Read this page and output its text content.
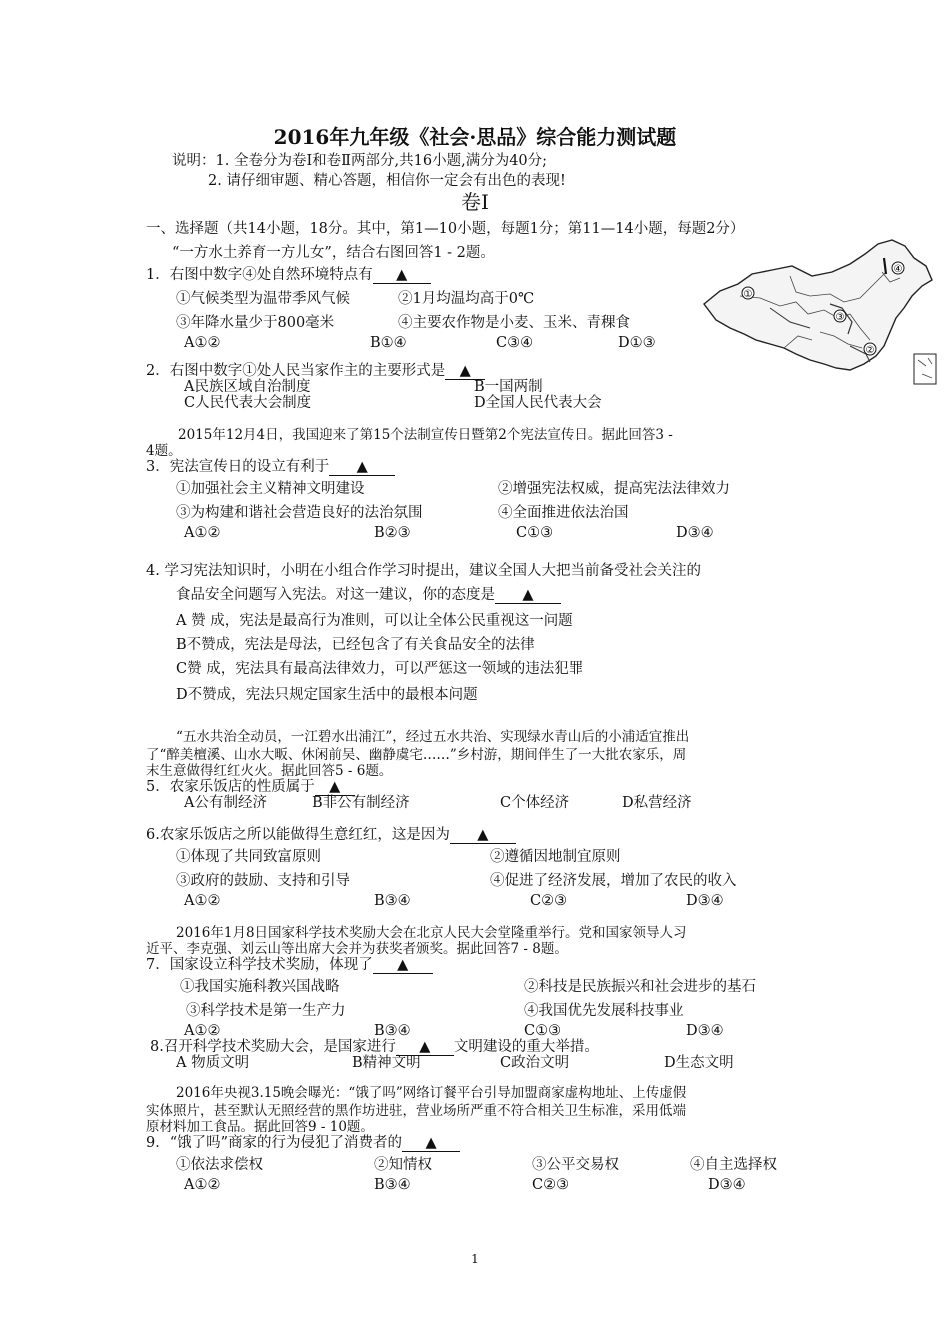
2016年九年级《社会·思品》综合能力测试题
说明：1. 全卷分为卷Ⅰ和卷Ⅱ两部分,共16小题,满分为40分;
2. 请仔细审题、精心答题，相信你一定会有出色的表现!
卷Ⅰ
一、选择题（共14小题，18分。其中，第1—10小题，每题1分；第11—14小题，每题2分）
①
②
③
④
“一方水土养育一方儿女”，结合右图回答1 - 2题。
1．右图中数字④处自然环境特点有 ▲
①气候类型为温带季风气候	②1月均温均高于0℃
③年降水量少于800毫米	④主要农作物是小麦、玉米、青稞食
A①②	B①④	C③④	D①③
2．右图中数字①处人民当家作主的主要形式是 ▲
A民族区域自治制度	B一国两制
C人民代表大会制度	D全国人民代表大会
2015年12月4日，我国迎来了第15个法制宣传日暨第2个宪法宣传日。据此回答3 -
4题。
3．宪法宣传日的设立有利于 ▲
①加强社会主义精神文明建设	②增强宪法权威，提高宪法法律效力
③为构建和谐社会营造良好的法治氛围	④全面推进依法治国
A①②	B②③	C①③	D③④
4. 学习宪法知识时，小明在小组合作学习时提出，建议全国人大把当前备受社会关注的
食品安全问题写入宪法。对这一建议，你的态度是 ▲
A 赞 成，宪法是最高行为准则，可以让全体公民重视这一问题
B不赞成，宪法是母法，已经包含了有关食品安全的法律
C赞 成，宪法具有最高法律效力，可以严惩这一领域的违法犯罪
D不赞成，宪法只规定国家生活中的最根本问题
“五水共治全动员，一江碧水出浦江”，经过五水共治、实现绿水青山后的小浦适宜推出
了“醉美檀溪、山水大畈、休闲前吴、幽静虞宅……”乡村游，期间伴生了一大批农家乐，周
末生意做得红红火火。据此回答5 - 6题。
5．农家乐饭店的性质属于 ▲
A公有制经济	B非公有制经济	C个体经济	D私营经济
6.农家乐饭店之所以能做得生意红红，这是因为 ▲
①体现了共同致富原则	②遵循因地制宜原则
③政府的鼓励、支持和引导	④促进了经济发展，增加了农民的收入
A①②	B③④	C②③	D③④
2016年1月8日国家科学技术奖励大会在北京人民大会堂隆重举行。党和国家领导人习
近平、李克强、刘云山等出席大会并为获奖者颁奖。据此回答7 - 8题。
7．国家设立科学技术奖励，体现了 ▲
①我国实施科教兴国战略	②科技是民族振兴和社会进步的基石
③科学技术是第一生产力	④我国优先发展科技事业
A①②	B③④	C①③	D③④
8.召开科学技术奖励大会，是国家进行 ▲ 文明建设的重大举措。
A 物质文明	B精神文明	C政治文明	D生态文明
2016年央视3.15晚会曝光：“饿了吗”网络订餐平台引导加盟商家虚构地址、上传虚假
实体照片，甚至默认无照经营的黑作坊进驻，营业场所严重不符合相关卫生标准，采用低端
原材料加工食品。据此回答9 - 10题。
9．“饿了吗”商家的行为侵犯了消费者的 ▲
①依法求偿权	②知情权	③公平交易权	④自主选择权
A①②	B③④	C②③	D③④
1
